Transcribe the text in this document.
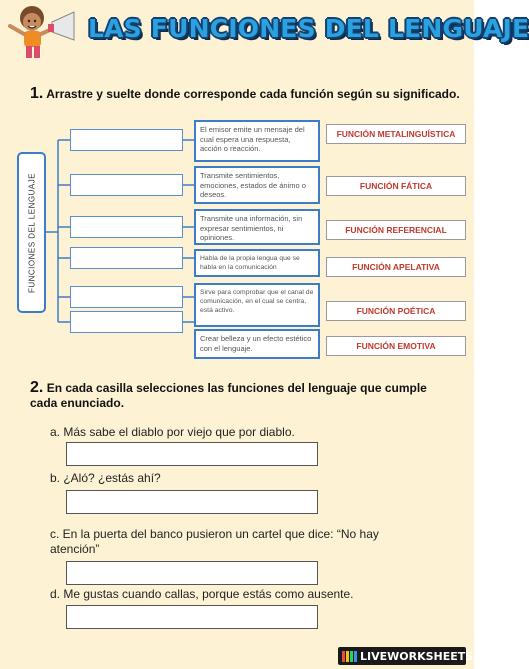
LAS FUNCIONES DEL LENGUAJE
1. Arrastre y suelte donde corresponde cada función según su significado.
FUNCIONES DEL LENGUAJE
El emisor emite un mensaje del cual espera una respuesta, acción o reacción.
Transmite sentimientos, emociones, estados de ánimo o deseos.
Transmite una información, sin expresar sentimientos, ni opiniones.
Habla de la propia lengua que se habla en la comunicación
Sirve para comprobar que el canal de comunicación, en el cual se centra, está activo.
Crear belleza y un efecto estético con el lenguaje.
FUNCIÓN METALINGUÍSTICA
FUNCIÓN FÁTICA
FUNCIÓN REFERENCIAL
FUNCIÓN APELATIVA
FUNCIÓN POÉTICA
FUNCIÓN EMOTIVA
2. En cada casilla selecciones las funciones del lenguaje que cumple cada enunciado.
a. Más sabe el diablo por viejo que por diablo.
b. ¿Aló? ¿estás ahí?
c. En la puerta del banco pusieron un cartel que dice: “No hay atención”
d. Me gustas cuando callas, porque estás como ausente.
LIVEWORKSHEETS
